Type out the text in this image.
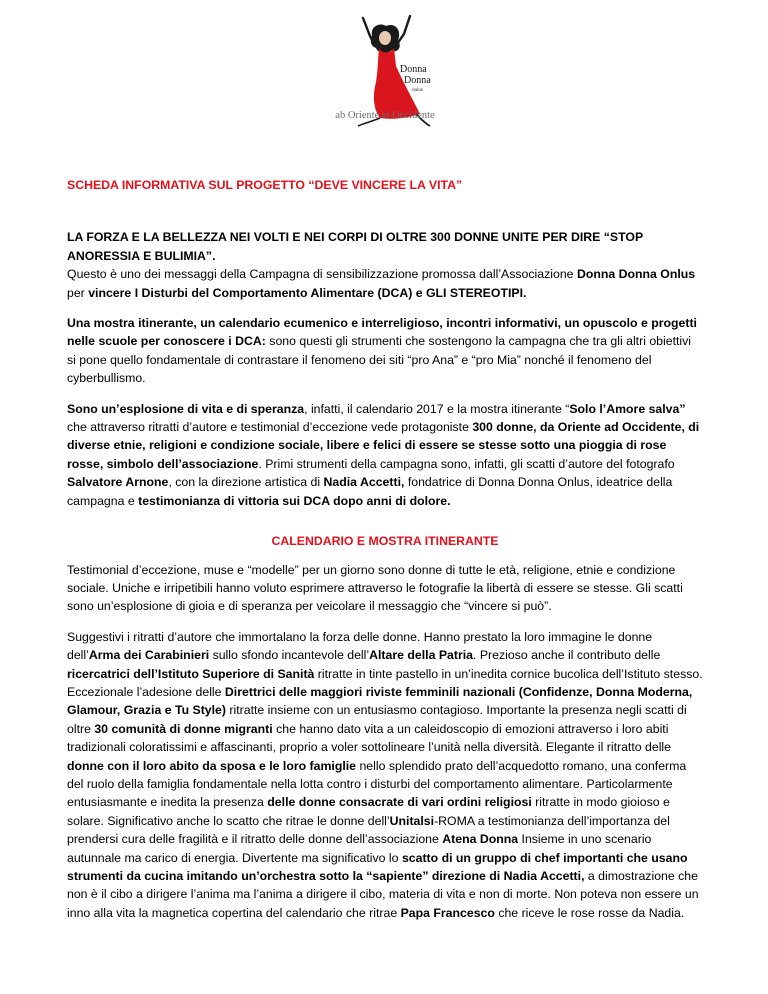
Donna
Donna
onlus
ab Oriente et Occidente

SCHEDA INFORMATIVA SUL PROGETTO “DEVE VINCERE LA VITA”

LA FORZA E LA BELLEZZA NEI VOLTI E NEI CORPI DI OLTRE 300 DONNE UNITE PER DIRE “STOP ANORESSIA E BULIMIA”.
Questo è uno dei messaggi della Campagna di sensibilizzazione promossa dall’Associazione Donna Donna Onlus per vincere I Disturbi del Comportamento Alimentare (DCA) e GLI STEREOTIPI.

Una mostra itinerante, un calendario ecumenico e interreligioso, incontri informativi, un opuscolo e progetti nelle scuole per conoscere i DCA: sono questi gli strumenti che sostengono la campagna che tra gli altri obiettivi si pone quello fondamentale di contrastare il fenomeno dei siti “pro Ana” e “pro Mia” nonché il fenomeno del cyberbullismo.

Sono un’esplosione di vita e di speranza, infatti, il calendario 2017 e la mostra itinerante “Solo l’Amore salva” che attraverso ritratti d’autore e testimonial d’eccezione vede protagoniste 300 donne, da Oriente ad Occidente, di diverse etnie, religioni e condizione sociale, libere e felici di essere se stesse sotto una pioggia di rose rosse, simbolo dell’associazione. Primi strumenti della campagna sono, infatti, gli scatti d’autore del fotografo Salvatore Arnone, con la direzione artistica di Nadia Accetti, fondatrice di Donna Donna Onlus, ideatrice della campagna e testimonianza di vittoria sui DCA dopo anni di dolore.

CALENDARIO E MOSTRA ITINERANTE

Testimonial d’eccezione, muse e “modelle” per un giorno sono donne di tutte le età, religione, etnie e condizione sociale. Uniche e irripetibili hanno voluto esprimere attraverso le fotografie la libertà di essere se stesse. Gli scatti sono un’esplosione di gioia e di speranza per veicolare il messaggio che “vincere si può”.

Suggestivi i ritratti d’autore che immortalano la forza delle donne. Hanno prestato la loro immagine le donne dell’Arma dei Carabinieri sullo sfondo incantevole dell’Altare della Patria. Prezioso anche il contributo delle ricercatrici dell’Istituto Superiore di Sanità ritratte in tinte pastello in un’inedita cornice bucolica dell’Istituto stesso. Eccezionale l’adesione delle Direttrici delle maggiori riviste femminili nazionali (Confidenze, Donna Moderna, Glamour, Grazia e Tu Style) ritratte insieme con un entusiasmo contagioso. Importante la presenza negli scatti di oltre 30 comunità di donne migranti che hanno dato vita a un caleidoscopio di emozioni attraverso i loro abiti tradizionali coloratissimi e affascinanti, proprio a voler sottolineare l’unità nella diversità. Elegante il ritratto delle donne con il loro abito da sposa e le loro famiglie nello splendido prato dell’acquedotto romano, una conferma del ruolo della famiglia fondamentale nella lotta contro i disturbi del comportamento alimentare. Particolarmente entusiasmante e inedita la presenza delle donne consacrate di vari ordini religiosi ritratte in modo gioioso e solare. Significativo anche lo scatto che ritrae le donne dell’Unitalsi-ROMA a testimonianza dell’importanza del prendersi cura delle fragilità e il ritratto delle donne dell’associazione Atena Donna Insieme in uno scenario autunnale ma carico di energia. Divertente ma significativo lo scatto di un gruppo di chef importanti che usano strumenti da cucina imitando un’orchestra sotto la “sapiente” direzione di Nadia Accetti, a dimostrazione che non è il cibo a dirigere l’anima ma l’anima a dirigere il cibo, materia di vita e non di morte. Non poteva non essere un inno alla vita la magnetica copertina del calendario che ritrae Papa Francesco che riceve le rose rosse da Nadia.
